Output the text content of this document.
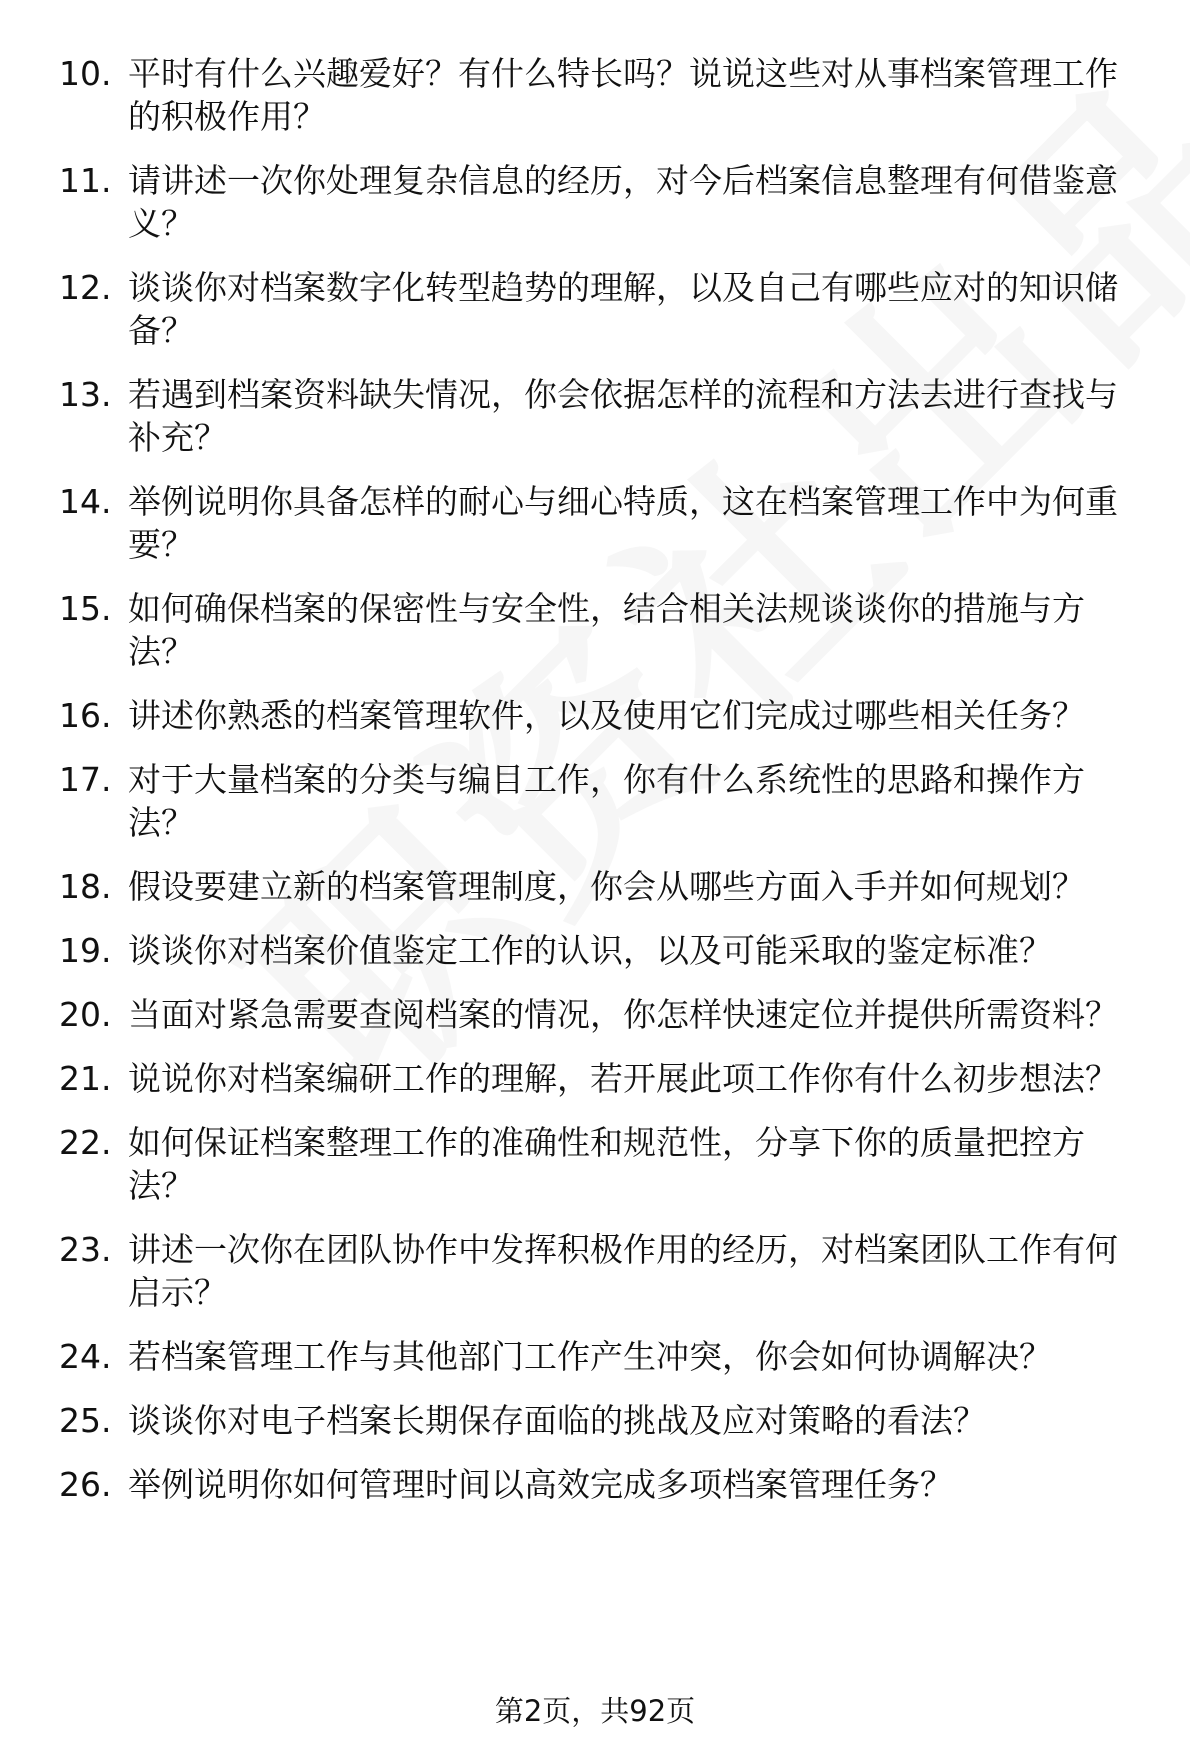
10. 平时有什么兴趣爱好？有什么特长吗？说说这些对从事档案管理工作的积极作用？
11. 请讲述一次你处理复杂信息的经历，对今后档案信息整理有何借鉴意义？
12. 谈谈你对档案数字化转型趋势的理解，以及自己有哪些应对的知识储备？
13. 若遇到档案资料缺失情况，你会依据怎样的流程和方法去进行查找与补充？
14. 举例说明你具备怎样的耐心与细心特质，这在档案管理工作中为何重要？
15. 如何确保档案的保密性与安全性，结合相关法规谈谈你的措施与方法？
16. 讲述你熟悉的档案管理软件，以及使用它们完成过哪些相关任务？
17. 对于大量档案的分类与编目工作，你有什么系统性的思路和操作方法？
18. 假设要建立新的档案管理制度，你会从哪些方面入手并如何规划？
19. 谈谈你对档案价值鉴定工作的认识，以及可能采取的鉴定标准？
20. 当面对紧急需要查阅档案的情况，你怎样快速定位并提供所需资料？
21. 说说你对档案编研工作的理解，若开展此项工作你有什么初步想法？
22. 如何保证档案整理工作的准确性和规范性，分享下你的质量把控方法？
23. 讲述一次你在团队协作中发挥积极作用的经历，对档案团队工作有何启示？
24. 若档案管理工作与其他部门工作产生冲突，你会如何协调解决？
25. 谈谈你对电子档案长期保存面临的挑战及应对策略的看法？
26. 举例说明你如何管理时间以高效完成多项档案管理任务？
第2页，共92页
